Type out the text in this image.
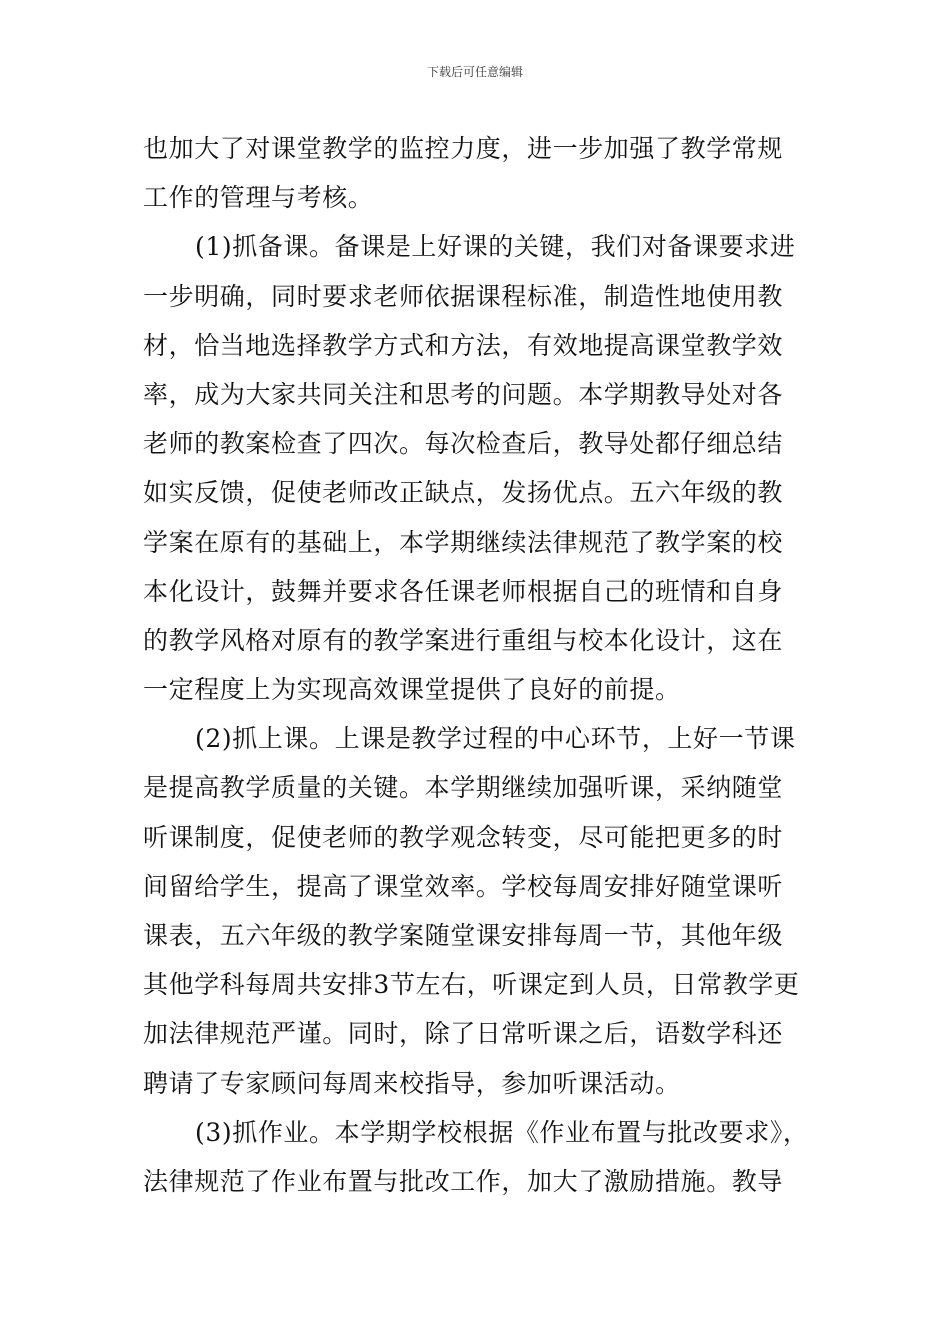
下载后可任意编辑
也加大了对课堂教学的监控力度，进一步加强了教学常规
工作的管理与考核。
(1)抓备课。备课是上好课的关键，我们对备课要求进
一步明确，同时要求老师依据课程标准，制造性地使用教
材，恰当地选择教学方式和方法，有效地提高课堂教学效
率，成为大家共同关注和思考的问题。本学期教导处对各
老师的教案检查了四次。每次检查后，教导处都仔细总结
如实反馈，促使老师改正缺点，发扬优点。五六年级的教
学案在原有的基础上，本学期继续法律规范了教学案的校
本化设计，鼓舞并要求各任课老师根据自己的班情和自身
的教学风格对原有的教学案进行重组与校本化设计，这在
一定程度上为实现高效课堂提供了良好的前提。
(2)抓上课。上课是教学过程的中心环节，上好一节课
是提高教学质量的关键。本学期继续加强听课，采纳随堂
听课制度，促使老师的教学观念转变，尽可能把更多的时
间留给学生，提高了课堂效率。学校每周安排好随堂课听
课表，五六年级的教学案随堂课安排每周一节，其他年级
其他学科每周共安排3节左右，听课定到人员，日常教学更
加法律规范严谨。同时，除了日常听课之后，语数学科还
聘请了专家顾问每周来校指导，参加听课活动。
(3)抓作业。本学期学校根据《作业布置与批改要求》，
法律规范了作业布置与批改工作，加大了激励措施。教导
